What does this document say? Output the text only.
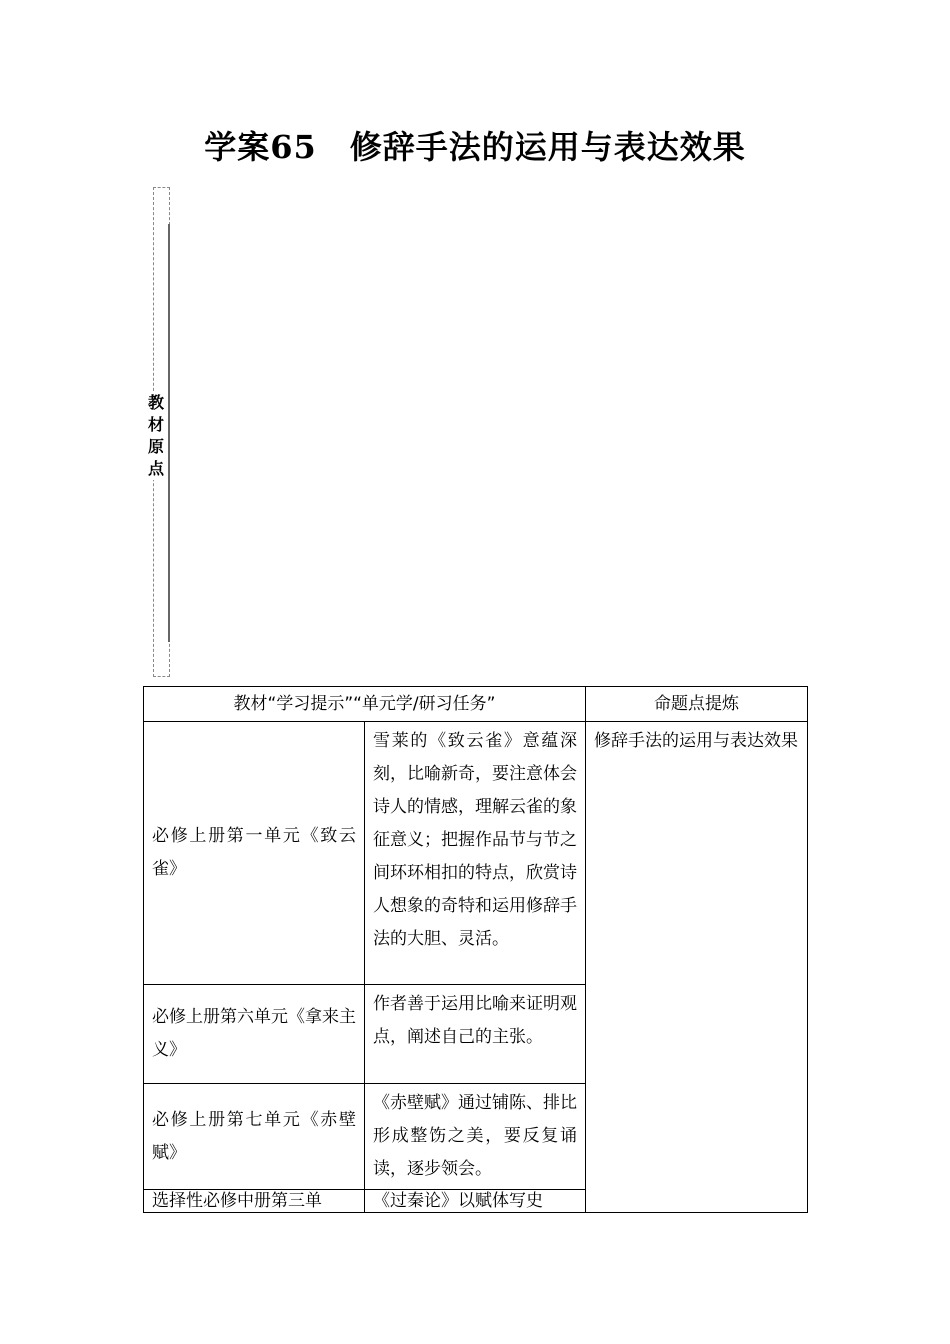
学案65　修辞手法的运用与表达效果
教材原点
教材“学习提示”“单元学/研习任务”		命题点提炼
必修上册第一单元《致云雀》	雪莱的《致云雀》意蕴深刻，比喻新奇，要注意体会诗人的情感，理解云雀的象征意义；把握作品节与节之间环环相扣的特点，欣赏诗人想象的奇特和运用修辞手法的大胆、灵活。	修辞手法的运用与表达效果
必修上册第六单元《拿来主义》	作者善于运用比喻来证明观点，阐述自己的主张。	
必修上册第七单元《赤壁赋》	《赤壁赋》通过铺陈、排比形成整饬之美，要反复诵读，逐步领会。	
选择性必修中册第三单	《过秦论》以赋体写史	
